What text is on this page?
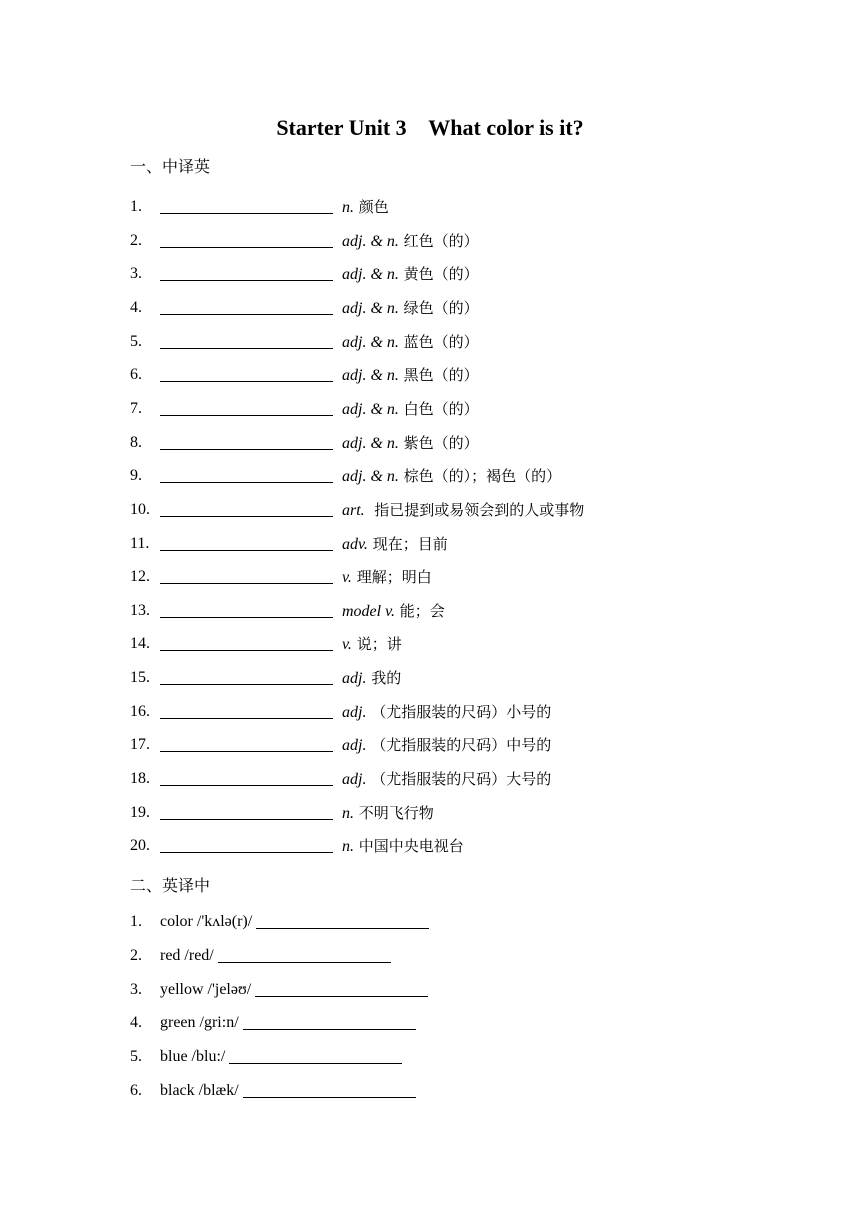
Starter Unit 3    What color is it?
一、中译英
1.	n. 颜色
2.	adj. & n. 红色（的）
3.	adj. & n. 黄色（的）
4.	adj. & n. 绿色（的）
5.	adj. & n. 蓝色（的）
6.	adj. & n. 黑色（的）
7.	adj. & n. 白色（的）
8.	adj. & n. 紫色（的）
9.	adj. & n. 棕色（的）；褐色（的）
10.	art.  指已提到或易领会到的人或事物
11.	adv. 现在；目前
12.	v. 理解；明白
13.	model v. 能；会
14.	v. 说；讲
15.	adj. 我的
16.	adj. （尤指服装的尺码）小号的
17.	adj. （尤指服装的尺码）中号的
18.	adj. （尤指服装的尺码）大号的
19.	n. 不明飞行物
20.	n. 中国中央电视台
二、英译中
1. color /'kʌlə(r)/
2. red /red/
3. yellow /'jeləʊ/
4. green /gri:n/
5. blue /blu:/
6. black /blæk/
